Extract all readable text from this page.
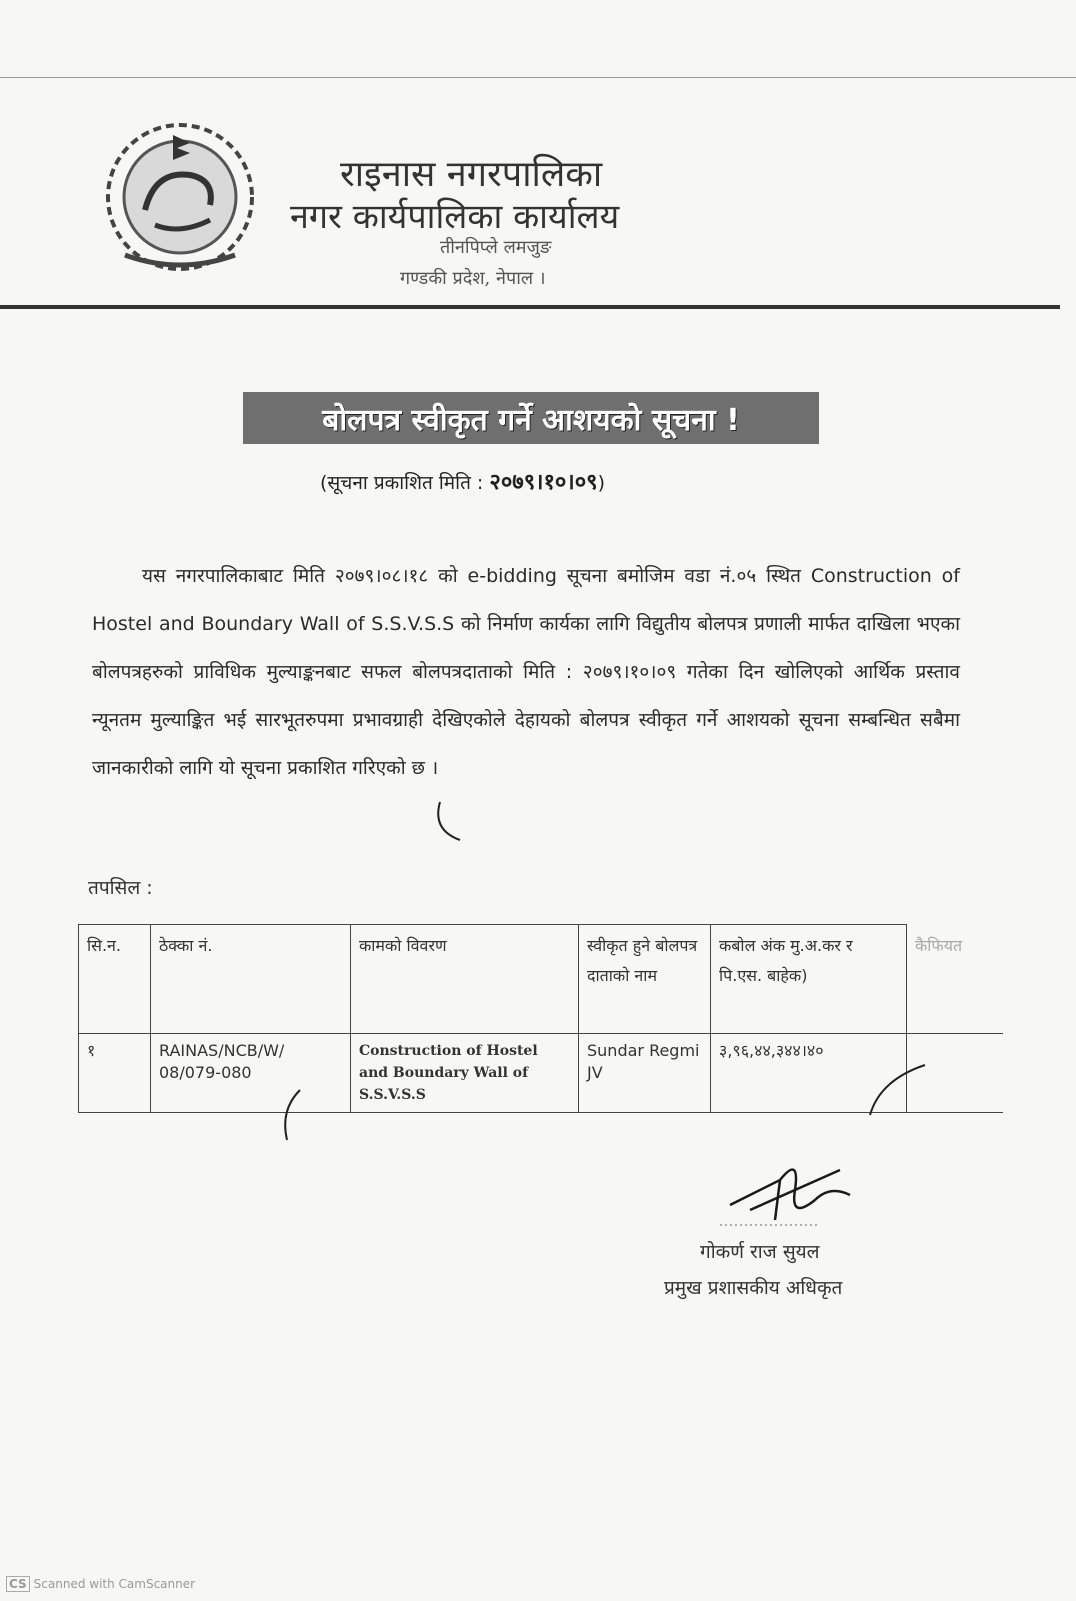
राइनास नगरपालिका
नगर कार्यपालिका कार्यालय
तीनपिप्ले लमजुङ
गण्डकी प्रदेश, नेपाल ।
बोलपत्र स्वीकृत गर्ने आशयको सूचना !
(सूचना प्रकाशित मिति : २०७९।१०।०९)

यस नगरपालिकाबाट मिति २०७९।०८।१८ को e-bidding सूचना बमोजिम वडा नं.०५ स्थित Construction of Hostel and Boundary Wall of S.S.V.S.S को निर्माण कार्यका लागि विद्युतीय बोलपत्र प्रणाली मार्फत दाखिला भएका बोलपत्रहरुको प्राविधिक मुल्याङ्कनबाट सफल बोलपत्रदाताको मिति : २०७९।१०।०९ गतेका दिन खोलिएको आर्थिक प्रस्ताव न्यूनतम मुल्याङ्कित भई सारभूतरुपमा प्रभावग्राही देखिएकोले देहायको बोलपत्र स्वीकृत गर्ने आशयको सूचना सम्बन्धित सबैमा जानकारीको लागि यो सूचना प्रकाशित गरिएको छ ।

तपसिल :
सि.न.	ठेक्का नं.	कामको विवरण	स्वीकृत हुने बोलपत्र दाताको नाम	कबोल अंक मु.अ.कर र पि.एस. बाहेक)	कैफियत
१	RAINAS/NCB/W/ 08/079-080	Construction of Hostel and Boundary Wall of S.S.V.S.S	Sundar Regmi JV	३,९६,४४,३४४।४०	
गोकर्ण राज सुयल
प्रमुख प्रशासकीय अधिकृत
CS Scanned with CamScanner
